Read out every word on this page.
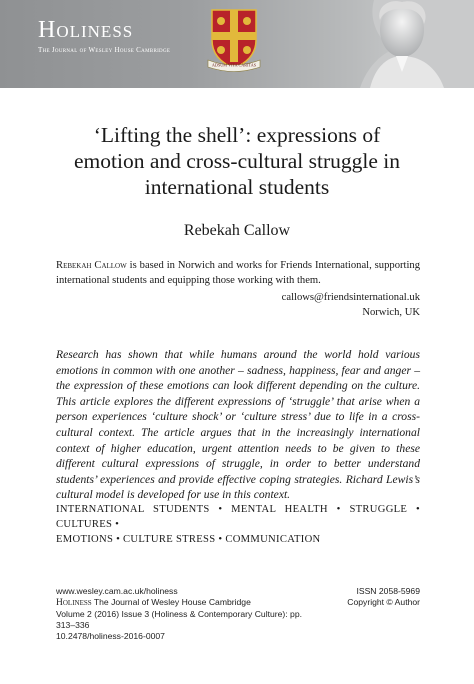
Holiness
The Journal of Wesley House Cambridge
ADSUM VITA CARITAS
‘Lifting the shell’: expressions of
emotion and cross-cultural struggle in
international students
Rebekah Callow
Rebekah Callow is based in Norwich and works for Friends International, supporting international students and equipping those working with them.
callows@friendsinternational.uk
Norwich, UK
Research has shown that while humans around the world hold various emotions in common with one another – sadness, happiness, fear and anger – the expression of these emotions can look different depending on the culture. This article explores the different expressions of ‘struggle’ that arise when a person experiences ‘culture shock’ or ‘culture stress’ due to life in a cross-cultural context. The article argues that in the increasingly international context of higher education, urgent attention needs to be given to these different cultural expressions of struggle, in order to better understand students’ experiences and provide effective coping strategies. Richard Lewis’s cultural model is developed for use in this context.
INTERNATIONAL STUDENTS • MENTAL HEALTH • STRUGGLE • CULTURES •
EMOTIONS • CULTURE STRESS • COMMUNICATION
www.wesley.cam.ac.uk/holiness
Holiness The Journal of Wesley House Cambridge
Volume 2 (2016) Issue 3 (Holiness & Contemporary Culture): pp. 313–336
10.2478/holiness-2016-0007
ISSN 2058-5969
Copyright © Author
